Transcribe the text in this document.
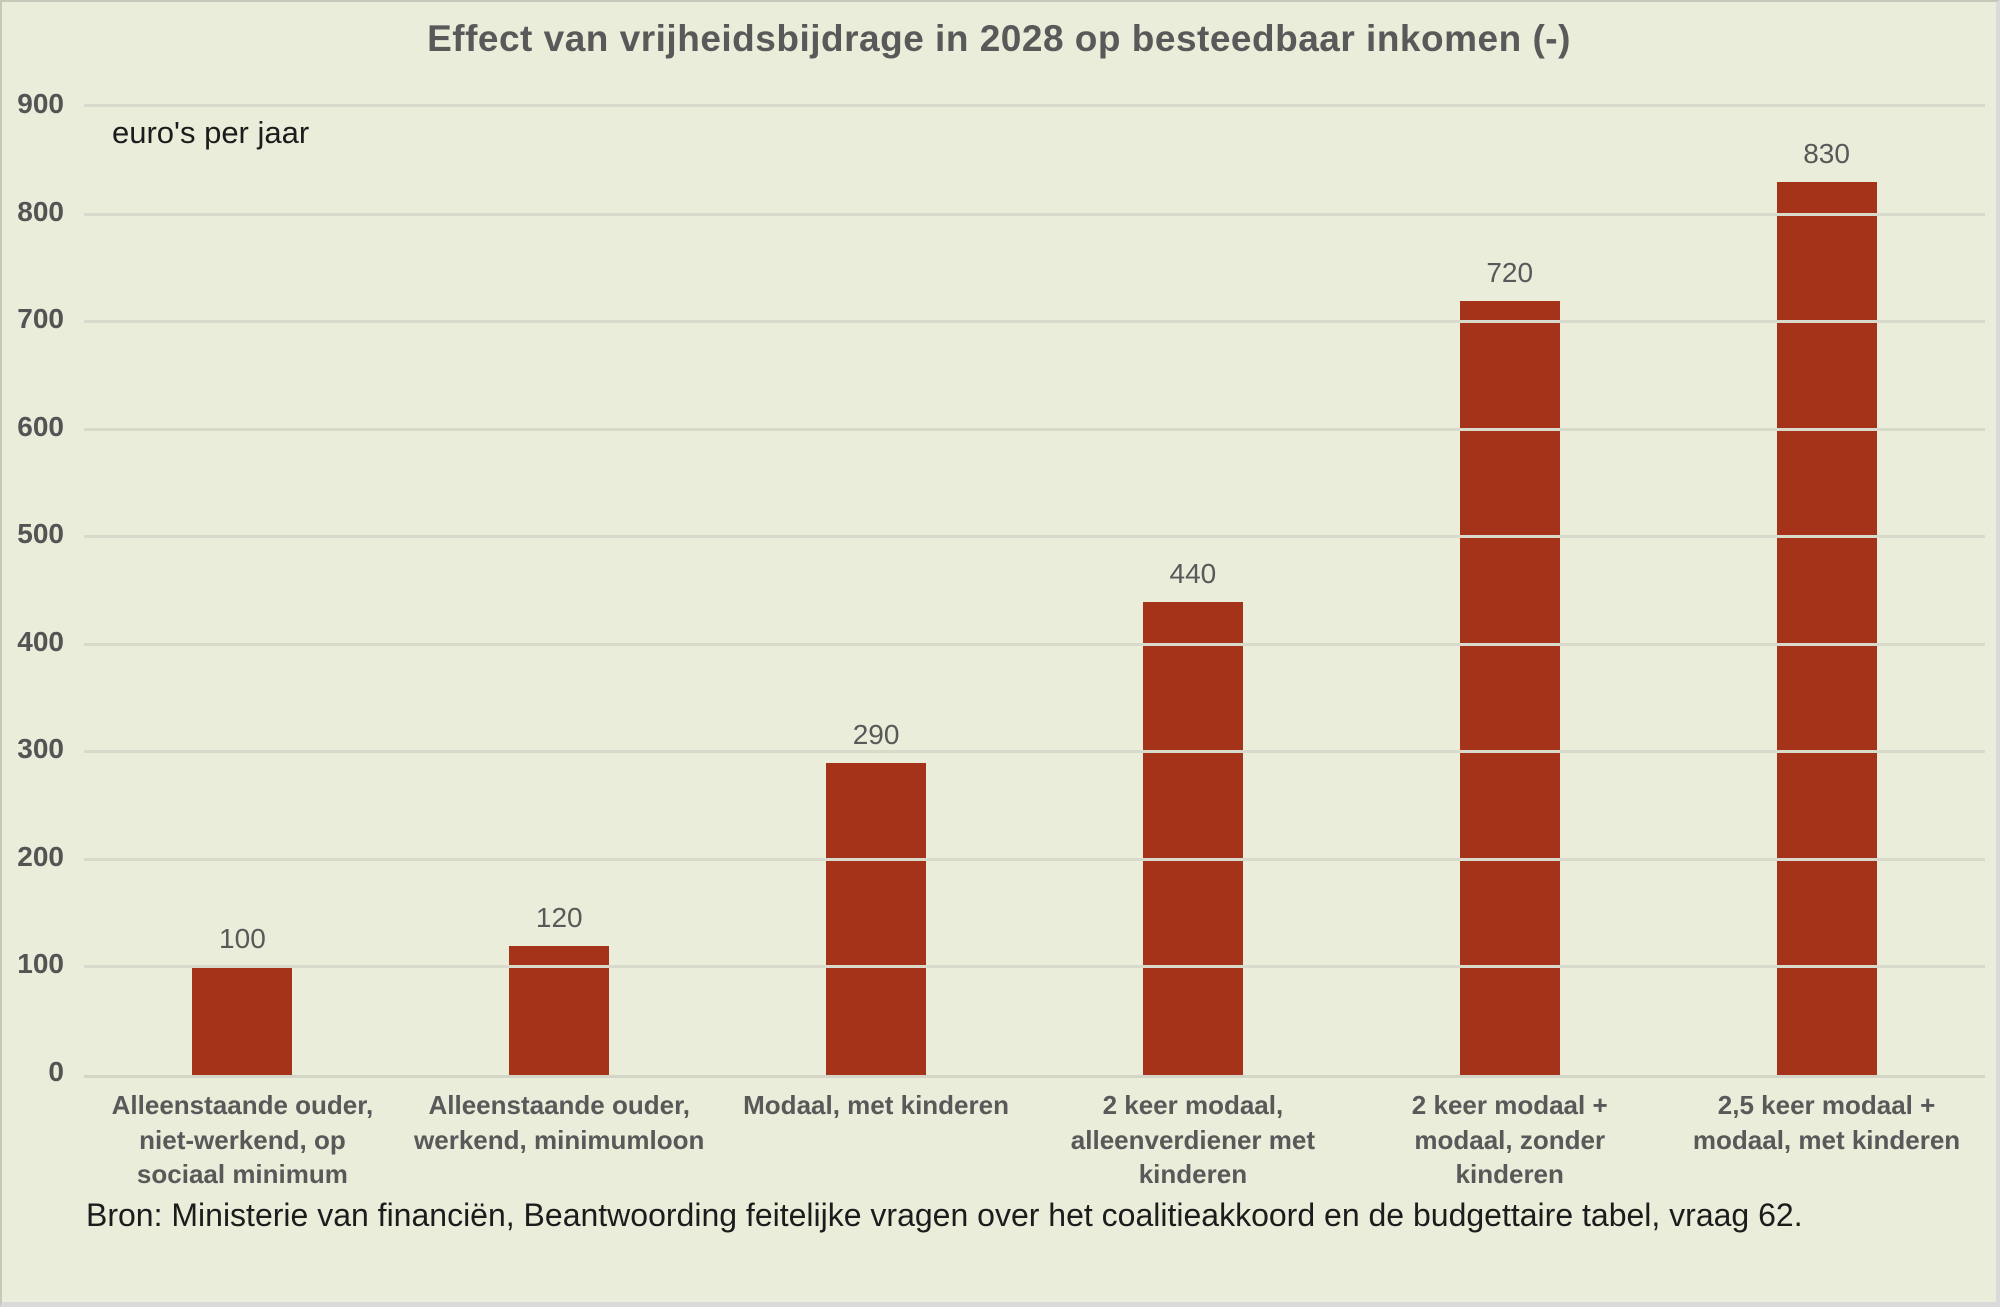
Effect van vrijheidsbijdrage in 2028 op besteedbaar inkomen (-)
0
100
200
300
400
500
600
700
800
900
euro's per jaar
100
120
290
440
720
830
Alleenstaande ouder, niet-werkend, op sociaal minimum
Alleenstaande ouder, werkend, minimumloon
Modaal, met kinderen	2 keer modaal, alleenverdiener met kinderen
2 keer modaal + modaal, zonder kinderen
2,5 keer modaal + modaal, met kinderen
Bron: Ministerie van financiën, Beantwoording feitelijke vragen over het coalitieakkoord en de budgettaire tabel, vraag 62.
